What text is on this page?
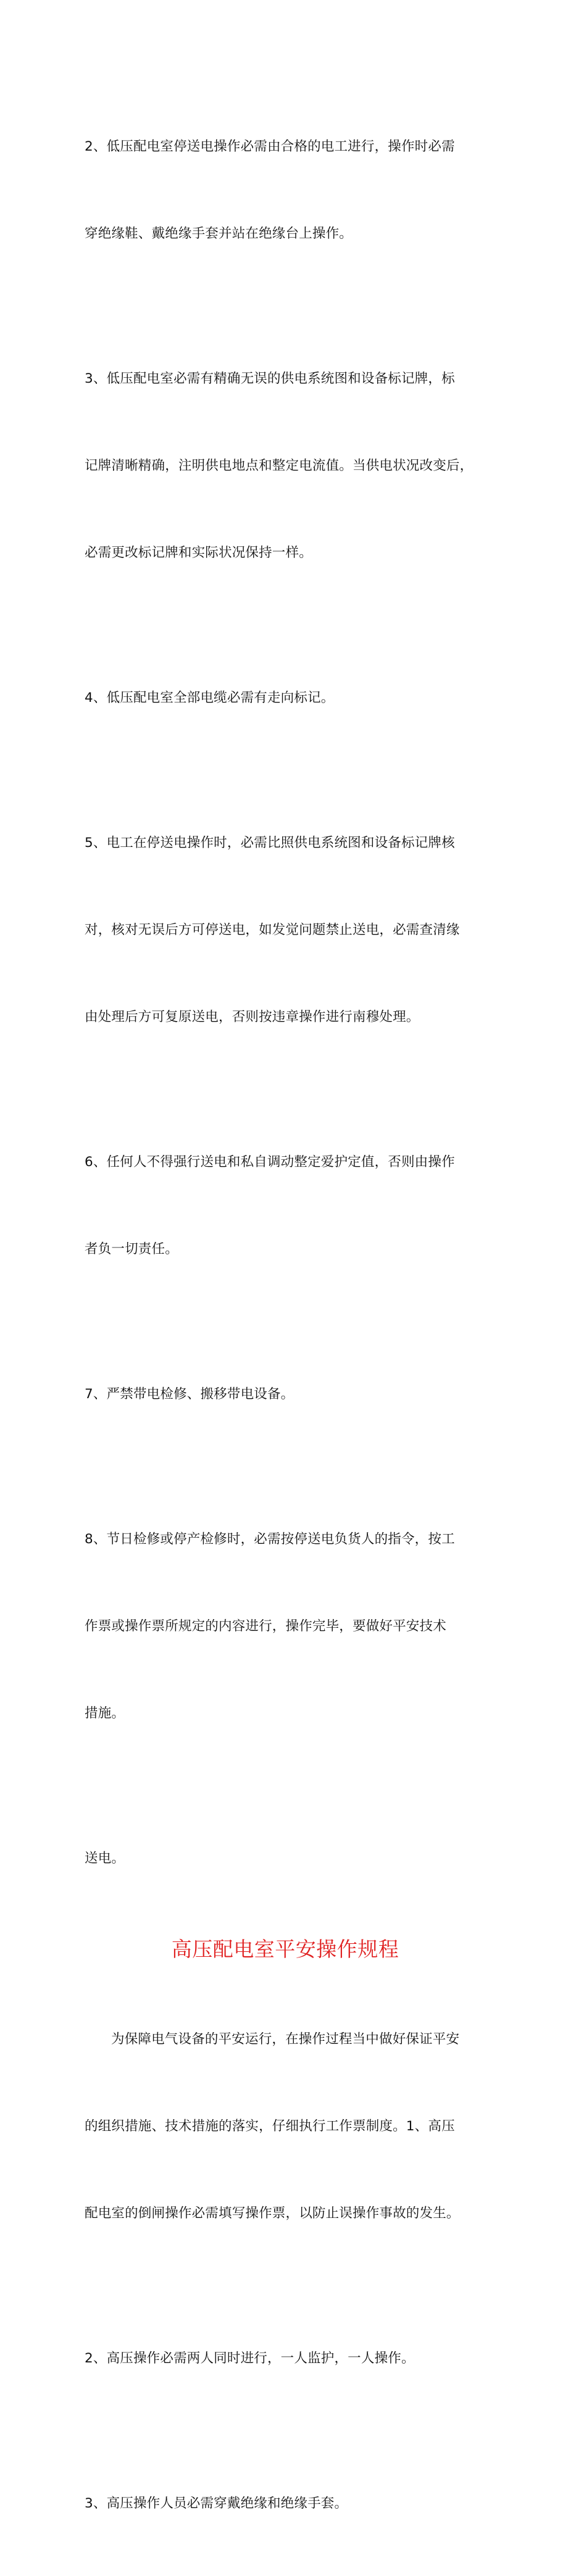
2、低压配电室停送电操作必需由合格的电工进行，操作时必需

穿绝缘鞋、戴绝缘手套并站在绝缘台上操作。

3、低压配电室必需有精确无误的供电系统图和设备标记牌，标

记牌清晰精确，注明供电地点和整定电流值。当供电状况改变后，

必需更改标记牌和实际状况保持一样。

4、低压配电室全部电缆必需有走向标记。

5、电工在停送电操作时，必需比照供电系统图和设备标记牌核

对，核对无误后方可停送电，如发觉问题禁止送电，必需查清缘

由处理后方可复原送电，否则按违章操作进行南穆处理。

6、任何人不得强行送电和私自调动整定爱护定值，否则由操作

者负一切责任。

7、严禁带电检修、搬移带电设备。

8、节日检修或停产检修时，必需按停送电负货人的指令，按工

作票或操作票所规定的内容进行，操作完毕，要做好平安技术

措施。

送电。

高压配电室平安操作规程

为保障电气设备的平安运行，在操作过程当中做好保证平安

的组织措施、技术措施的落实，仔细执行工作票制度。1、高压

配电室的倒闸操作必需填写操作票，以防止误操作事故的发生。

2、高压操作必需两人同时进行，一人监护，一人操作。

3、高压操作人员必需穿戴绝缘和绝缘手套。
